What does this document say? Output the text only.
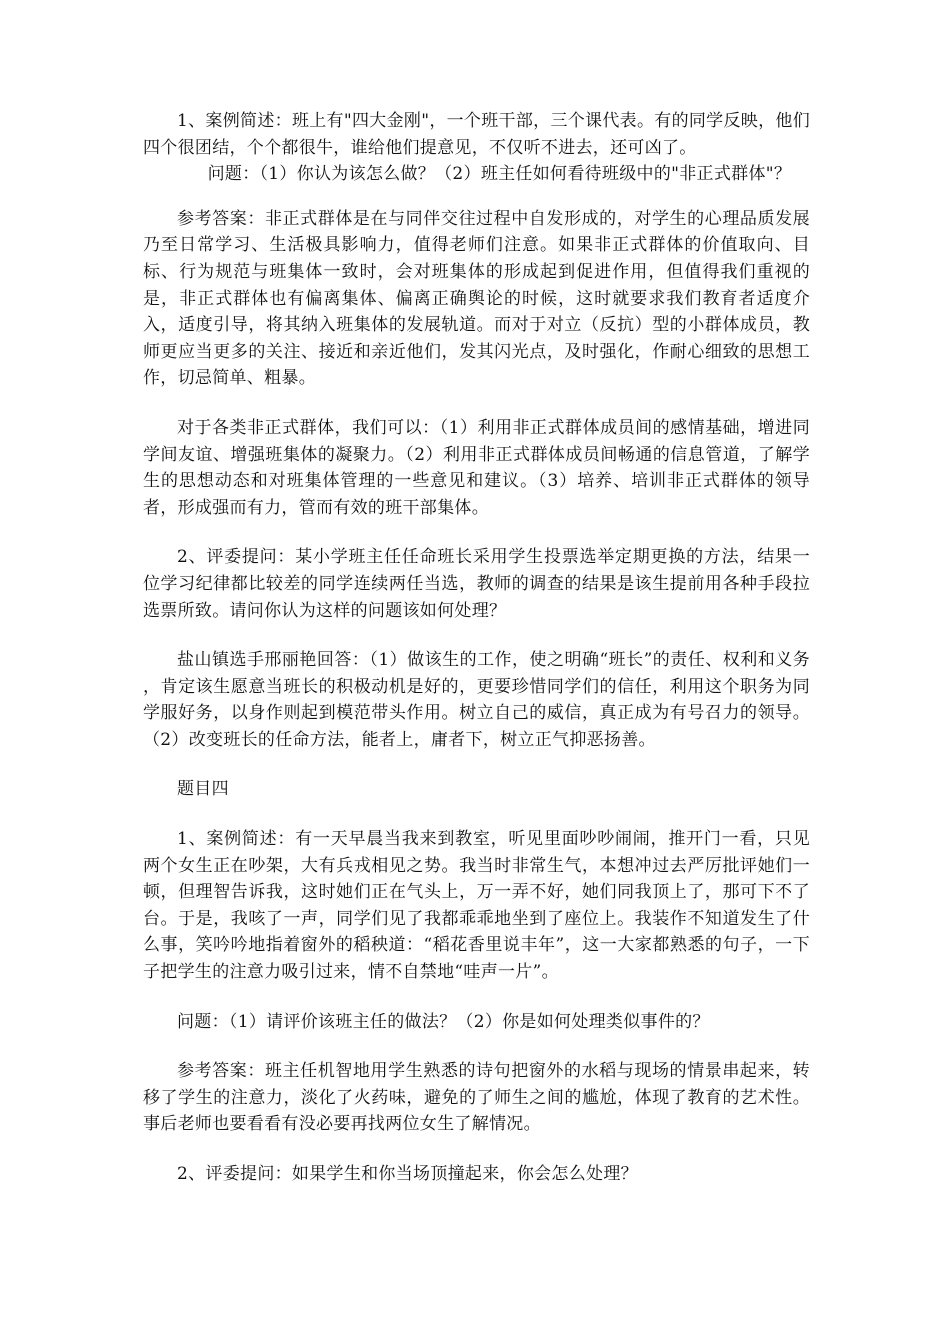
1、案例简述：班上有"四大金刚"，一个班干部，三个课代表。有的同学反映，他们四个很团结，个个都很牛，谁给他们提意见，不仅听不进去，还可凶了。
问题：（1）你认为该怎么做？（2）班主任如何看待班级中的"非正式群体"？

参考答案：非正式群体是在与同伴交往过程中自发形成的，对学生的心理品质发展乃至日常学习、生活极具影响力，值得老师们注意。如果非正式群体的价值取向、目标、行为规范与班集体一致时，会对班集体的形成起到促进作用，但值得我们重视的是，非正式群体也有偏离集体、偏离正确舆论的时候，这时就要求我们教育者适度介入，适度引导，将其纳入班集体的发展轨道。而对于对立（反抗）型的小群体成员，教师更应当更多的关注、接近和亲近他们，发其闪光点，及时强化，作耐心细致的思想工作，切忌简单、粗暴。

对于各类非正式群体，我们可以：（1）利用非正式群体成员间的感情基础，增进同学间友谊、增强班集体的凝聚力。（2）利用非正式群体成员间畅通的信息管道，了解学生的思想动态和对班集体管理的一些意见和建议。（3）培养、培训非正式群体的领导者，形成强而有力，管而有效的班干部集体。

2、评委提问：某小学班主任任命班长采用学生投票选举定期更换的方法，结果一位学习纪律都比较差的同学连续两任当选，教师的调查的结果是该生提前用各种手段拉选票所致。请问你认为这样的问题该如何处理？

盐山镇选手邢丽艳回答：（1）做该生的工作，使之明确“班长”的责任、权利和义务 ，肯定该生愿意当班长的积极动机是好的，更要珍惜同学们的信任，利用这个职务为同学服好务，以身作则起到模范带头作用。树立自己的威信，真正成为有号召力的领导。（2）改变班长的任命方法，能者上，庸者下，树立正气抑恶扬善。

题目四

1、案例简述：有一天早晨当我来到教室，听见里面吵吵闹闹，推开门一看，只见两个女生正在吵架，大有兵戎相见之势。我当时非常生气，本想冲过去严厉批评她们一顿，但理智告诉我，这时她们正在气头上，万一弄不好，她们同我顶上了，那可下不了台。于是，我咳了一声，同学们见了我都乖乖地坐到了座位上。我装作不知道发生了什么事，笑吟吟地指着窗外的稻秧道：“稻花香里说丰年”，这一大家都熟悉的句子，一下子把学生的注意力吸引过来，情不自禁地“哇声一片”。

问题：（1）请评价该班主任的做法？（2）你是如何处理类似事件的？

参考答案：班主任机智地用学生熟悉的诗句把窗外的水稻与现场的情景串起来，转移了学生的注意力，淡化了火药味，避免的了师生之间的尴尬，体现了教育的艺术性。事后老师也要看看有没必要再找两位女生了解情况。

2、评委提问：如果学生和你当场顶撞起来，你会怎么处理？
